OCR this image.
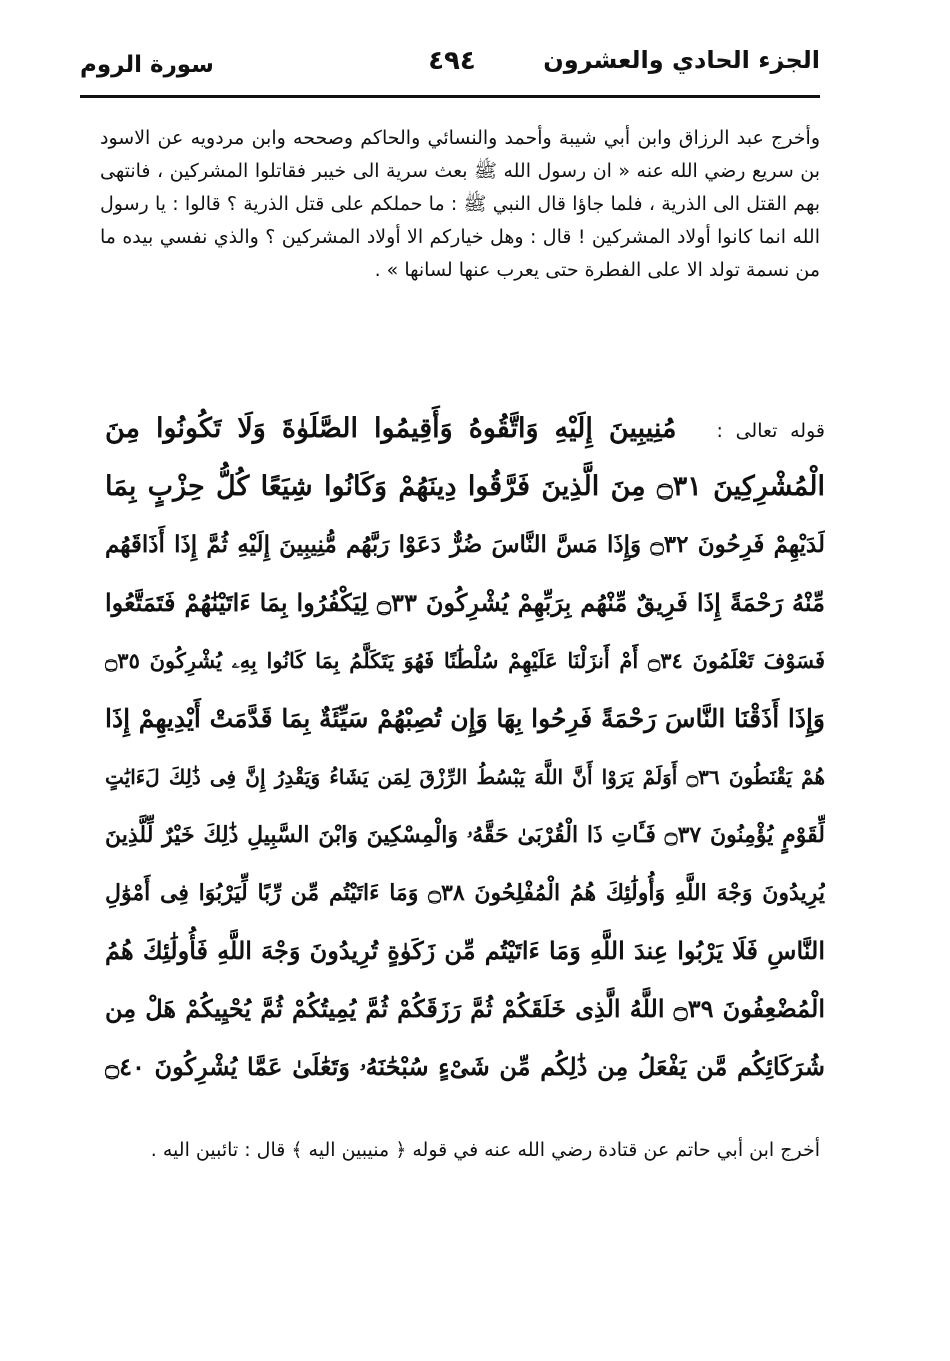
الجزء الحادي والعشرون
٤٩٤
سورة الروم
وأخرج عبد الرزاق وابن أبي شيبة وأحمد والنسائي والحاكم وصححه وابن مردويه عن الاسود بن سريع رضي الله عنه « ان رسول الله ﷺ بعث سرية الى خيبر فقاتلوا المشركين ، فانتهى بهم القتل الى الذرية ، فلما جاؤا قال النبي ﷺ : ما حملكم على قتل الذرية ؟ قالوا : يا رسول الله انما كانوا أولاد المشركين ! قال : وهل خياركم الا أولاد المشركين ؟ والذي نفسي بيده ما من نسمة تولد الا على الفطرة حتى يعرب عنها لسانها » .
قوله تعالى :مُنِيبِينَ إِلَيْهِ وَاتَّقُوهُ وَأَقِيمُوا الصَّلَوٰةَ وَلَا تَكُونُوا مِنَ
الْمُشْرِكِينَ ۝٣١ مِنَ الَّذِينَ فَرَّقُوا دِينَهُمْ وَكَانُوا شِيَعًا كُلُّ حِزْبٍ بِمَا
لَدَيْهِمْ فَرِحُونَ ۝٣٢ وَإِذَا مَسَّ النَّاسَ ضُرٌّ دَعَوْا رَبَّهُم مُّنِيبِينَ إِلَيْهِ ثُمَّ إِذَا أَذَاقَهُم
مِّنْهُ رَحْمَةً إِذَا فَرِيقٌ مِّنْهُم بِرَبِّهِمْ يُشْرِكُونَ ۝٣٣ لِيَكْفُرُوا بِمَا ءَاتَيْنَٰهُمْ فَتَمَتَّعُوا
فَسَوْفَ تَعْلَمُونَ ۝٣٤ أَمْ أَنزَلْنَا عَلَيْهِمْ سُلْطَٰنًا فَهُوَ يَتَكَلَّمُ بِمَا كَانُوا بِهِۦ يُشْرِكُونَ ۝٣٥
وَإِذَا أَذَقْنَا النَّاسَ رَحْمَةً فَرِحُوا بِهَا وَإِن تُصِبْهُمْ سَيِّئَةٌ بِمَا قَدَّمَتْ أَيْدِيهِمْ إِذَا
هُمْ يَقْنَطُونَ ۝٣٦ أَوَلَمْ يَرَوْا أَنَّ اللَّهَ يَبْسُطُ الرِّزْقَ لِمَن يَشَاءُ وَيَقْدِرُ إِنَّ فِى ذَٰلِكَ لَءَايَٰتٍ
لِّقَوْمٍ يُؤْمِنُونَ ۝٣٧ فَـَٔاتِ ذَا الْقُرْبَىٰ حَقَّهُۥ وَالْمِسْكِينَ وَابْنَ السَّبِيلِ ذَٰلِكَ خَيْرٌ لِّلَّذِينَ
يُرِيدُونَ وَجْهَ اللَّهِ وَأُولَٰئِكَ هُمُ الْمُفْلِحُونَ ۝٣٨ وَمَا ءَاتَيْتُم مِّن رِّبًا لِّيَرْبُوَا فِى أَمْوَٰلِ
النَّاسِ فَلَا يَرْبُوا عِندَ اللَّهِ وَمَا ءَاتَيْتُم مِّن زَكَوٰةٍ تُرِيدُونَ وَجْهَ اللَّهِ فَأُولَٰئِكَ هُمُ
الْمُضْعِفُونَ ۝٣٩ اللَّهُ الَّذِى خَلَقَكُمْ ثُمَّ رَزَقَكُمْ ثُمَّ يُمِيتُكُمْ ثُمَّ يُحْيِيكُمْ هَلْ مِن
شُرَكَائِكُم مَّن يَفْعَلُ مِن ذَٰلِكُم مِّن شَىْءٍ سُبْحَٰنَهُۥ وَتَعَٰلَىٰ عَمَّا يُشْرِكُونَ ۝٤٠
أخرج ابن أبي حاتم عن قتادة رضي الله عنه في قوله ﴿ منيبين اليه ﴾ قال : تائبين اليه .
